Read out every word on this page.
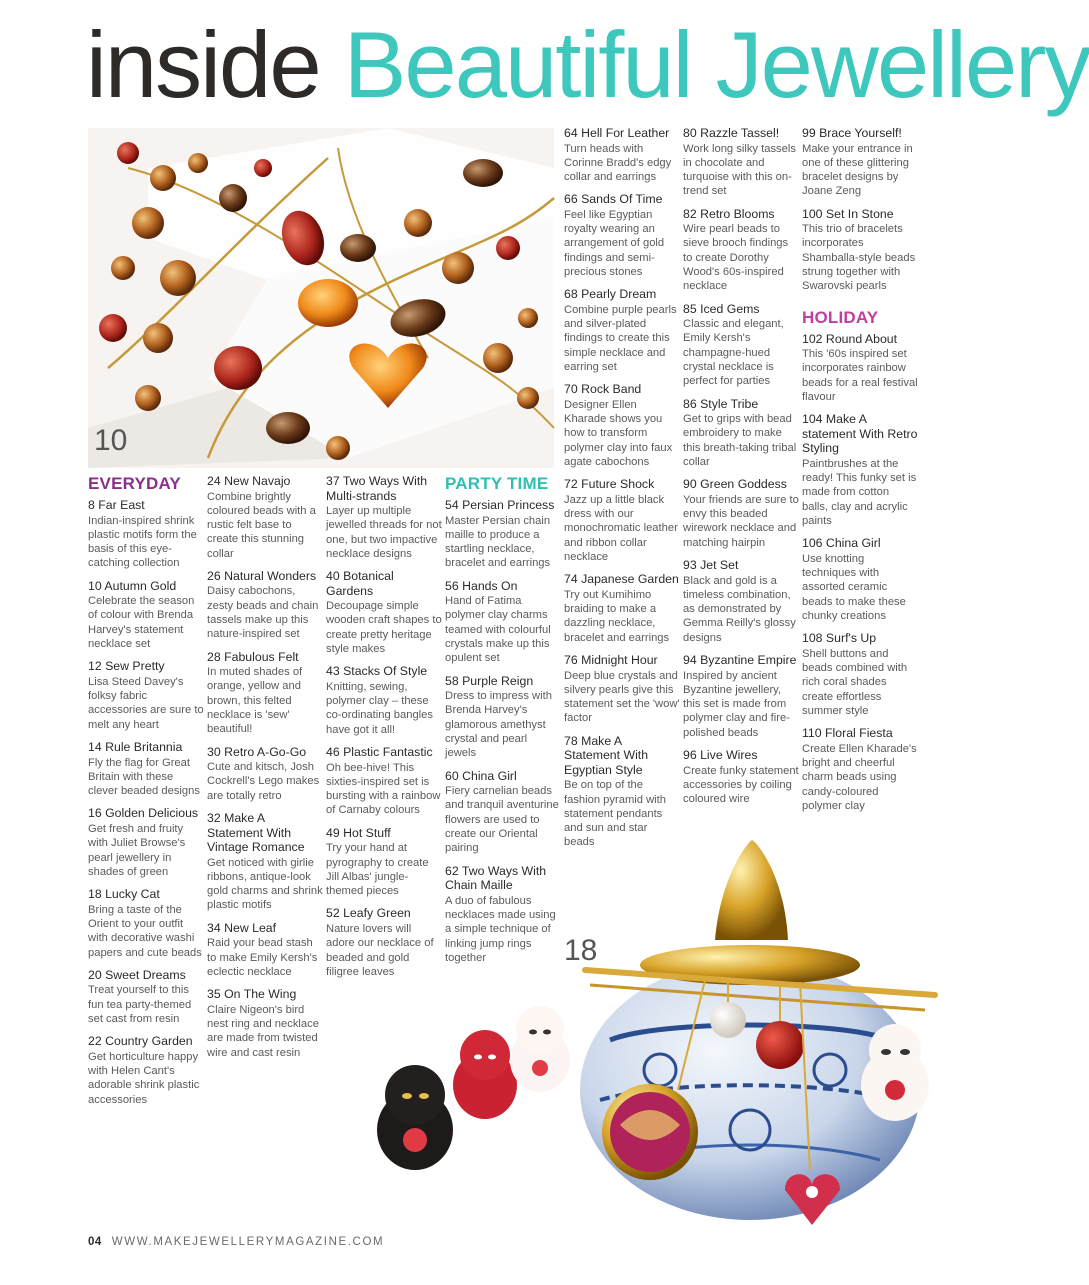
inside Beautiful Jewellery
10
18
EVERYDAY
8 Far East

Indian-inspired shrink plastic motifs form the basis of this eye-catching collection

10 Autumn Gold

Celebrate the season of colour with Brenda Harvey's statement necklace set

12 Sew Pretty

Lisa Steed Davey's folksy fabric accessories are sure to melt any heart

14 Rule Britannia

Fly the flag for Great Britain with these clever beaded designs

16 Golden Delicious

Get fresh and fruity with Juliet Browse's pearl jewellery in shades of green

18 Lucky Cat

Bring a taste of the Orient to your outfit with decorative washi papers and cute beads

20 Sweet Dreams

Treat yourself to this fun tea party-themed set cast from resin

22 Country Garden

Get horticulture happy with Helen Cant's adorable shrink plastic accessories

24 New Navajo

Combine brightly coloured beads with a rustic felt base to create this stunning collar

26 Natural Wonders

Daisy cabochons, zesty beads and chain tassels make up this nature-inspired set

28 Fabulous Felt

In muted shades of orange, yellow and brown, this felted necklace is 'sew' beautiful!

30 Retro A-Go-Go

Cute and kitsch, Josh Cockrell's Lego makes are totally retro

32 Make A Statement With Vintage Romance

Get noticed with girlie ribbons, antique-look gold charms and shrink plastic motifs

34 New Leaf

Raid your bead stash to make Emily Kersh's eclectic necklace

35 On The Wing

Claire Nigeon's bird nest ring and necklace are made from twisted wire and cast resin

37 Two Ways With Multi-strands

Layer up multiple jewelled threads for not one, but two impactive necklace designs

40 Botanical Gardens

Decoupage simple wooden craft shapes to create pretty heritage style makes

43 Stacks Of Style

Knitting, sewing, polymer clay – these co-ordinating bangles have got it all!

46 Plastic Fantastic

Oh bee-hive! This sixties-inspired set is bursting with a rainbow of Carnaby colours

49 Hot Stuff

Try your hand at pyrography to create Jill Albas' jungle-themed pieces

52 Leafy Green

Nature lovers will adore our necklace of beaded and gold filigree leaves

PARTY TIME
54 Persian Princess

Master Persian chain maille to produce a startling necklace, bracelet and earrings

56 Hands On

Hand of Fatima polymer clay charms teamed with colourful crystals make up this opulent set

58 Purple Reign

Dress to impress with Brenda Harvey's glamorous amethyst crystal and pearl jewels

60 China Girl

Fiery carnelian beads and tranquil aventurine flowers are used to create our Oriental pairing

62 Two Ways With Chain Maille

A duo of fabulous necklaces made using a simple technique of linking jump rings together

64 Hell For Leather

Turn heads with Corinne Bradd's edgy collar and earrings

66 Sands Of Time

Feel like Egyptian royalty wearing an arrangement of gold findings and semi-precious stones

68 Pearly Dream

Combine purple pearls and silver-plated findings to create this simple necklace and earring set

70 Rock Band

Designer Ellen Kharade shows you how to transform polymer clay into faux agate cabochons

72 Future Shock

Jazz up a little black dress with our monochromatic leather and ribbon collar necklace

74 Japanese Garden

Try out Kumihimo braiding to make a dazzling necklace, bracelet and earrings

76 Midnight Hour

Deep blue crystals and silvery pearls give this statement set the 'wow' factor

78 Make A Statement With Egyptian Style

Be on top of the fashion pyramid with statement pendants and sun and star beads

80 Razzle Tassel!

Work long silky tassels in chocolate and turquoise with this on-trend set

82 Retro Blooms

Wire pearl beads to sieve brooch findings to create Dorothy Wood's 60s-inspired necklace

85 Iced Gems

Classic and elegant, Emily Kersh's champagne-hued crystal necklace is perfect for parties

86 Style Tribe

Get to grips with bead embroidery to make this breath-taking tribal collar

90 Green Goddess

Your friends are sure to envy this beaded wirework necklace and matching hairpin

93 Jet Set

Black and gold is a timeless combination, as demonstrated by Gemma Reilly's glossy designs

94 Byzantine Empire

Inspired by ancient Byzantine jewellery, this set is made from polymer clay and fire-polished beads

96 Live Wires

Create funky statement accessories by coiling coloured wire

99 Brace Yourself!

Make your entrance in one of these glittering bracelet designs by Joane Zeng

100 Set In Stone

This trio of bracelets incorporates Shamballa-style beads strung together with Swarovski pearls

HOLIDAY
102 Round About

This '60s inspired set incorporates rainbow beads for a real festival flavour

104 Make A statement With Retro Styling

Paintbrushes at the ready! This funky set is made from cotton balls, clay and acrylic paints

106 China Girl

Use knotting techniques with assorted ceramic beads to make these chunky creations

108 Surf's Up

Shell buttons and beads combined with rich coral shades create effortless summer style

110 Floral Fiesta

Create Ellen Kharade's bright and cheerful charm beads using candy-coloured polymer clay

04 WWW.MAKEJEWELLERYMAGAZINE.COM
